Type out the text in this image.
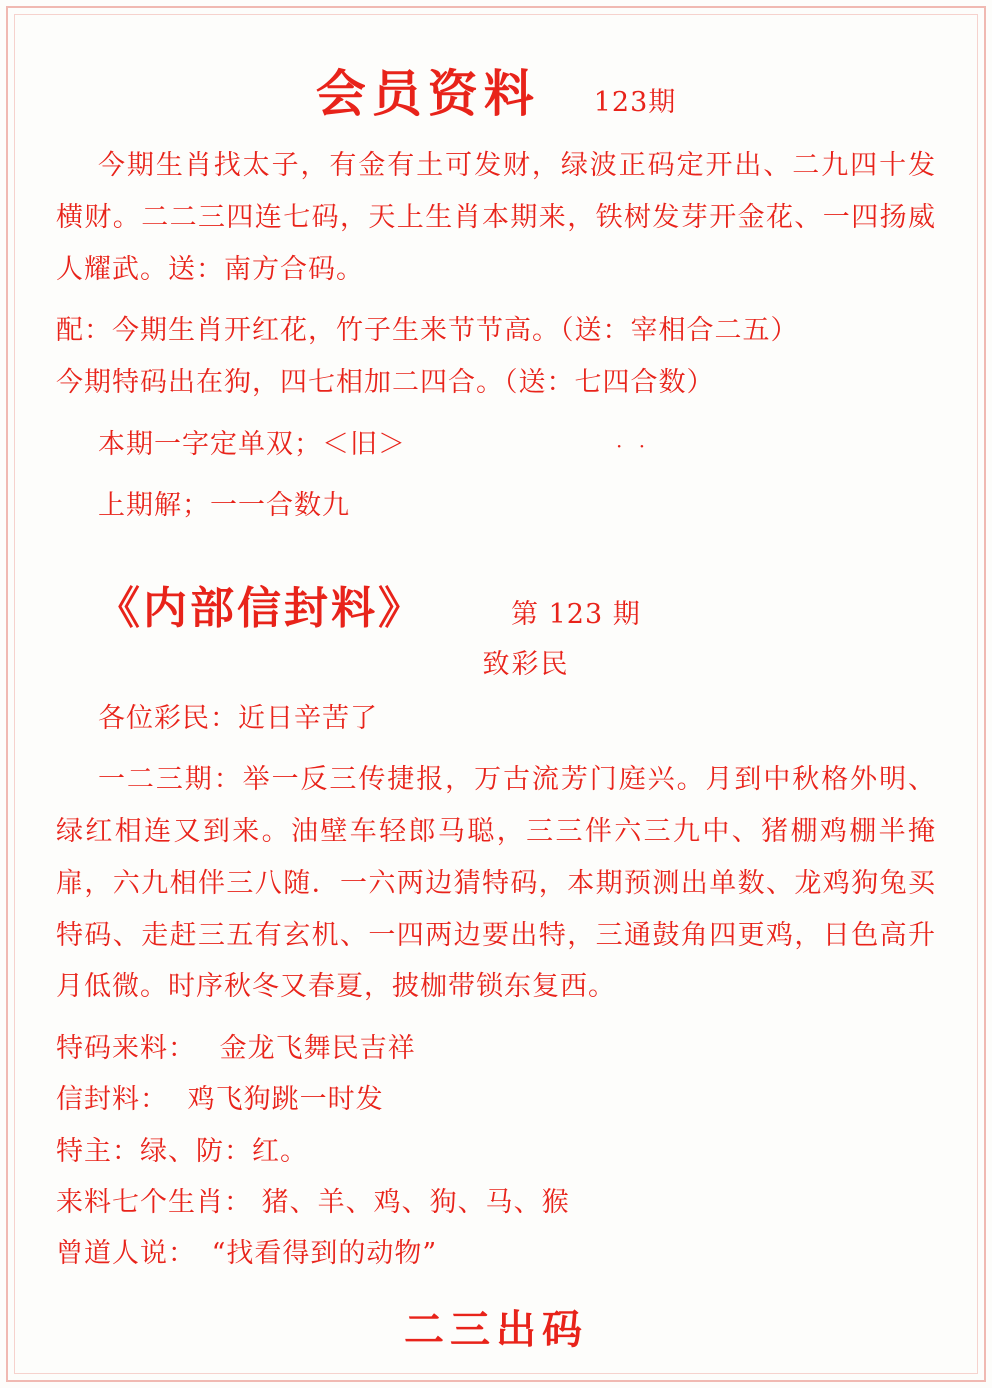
会员资料 123期
今期生肖找太子，有金有土可发财，绿波正码定开出、二九四十发横财。二二三四连七码，天上生肖本期来，铁树发芽开金花、一四扬威人耀武。送：南方合码。
配：今期生肖开红花，竹子生来节节高。（送：宰相合二五）
今期特码出在狗，四七相加二四合。（送：七四合数）
本期一字定单双； ＜旧＞	· ·
上期解；一一合数九
《内部信封料》	第 123 期
致彩民
各位彩民：近日辛苦了
一二三期：举一反三传捷报，万古流芳门庭兴。月到中秋格外明、绿红相连又到来。油壁车轻郎马聪，三三伴六三九中、猪棚鸡棚半掩扉，六九相伴三八随．一六两边猜特码，本期预测出单数、龙鸡狗兔买特码、走赶三五有玄机、一四两边要出特，三通鼓角四更鸡，日色高升月低微。时序秋冬又春夏，披枷带锁东复西。
特码来料： 金龙飞舞民吉祥
信封料： 鸡飞狗跳一时发
特主：绿、防：红。
来料七个生肖： 猪、羊、鸡、狗、马、猴
曾道人说： “找看得到的动物”
二三出码
